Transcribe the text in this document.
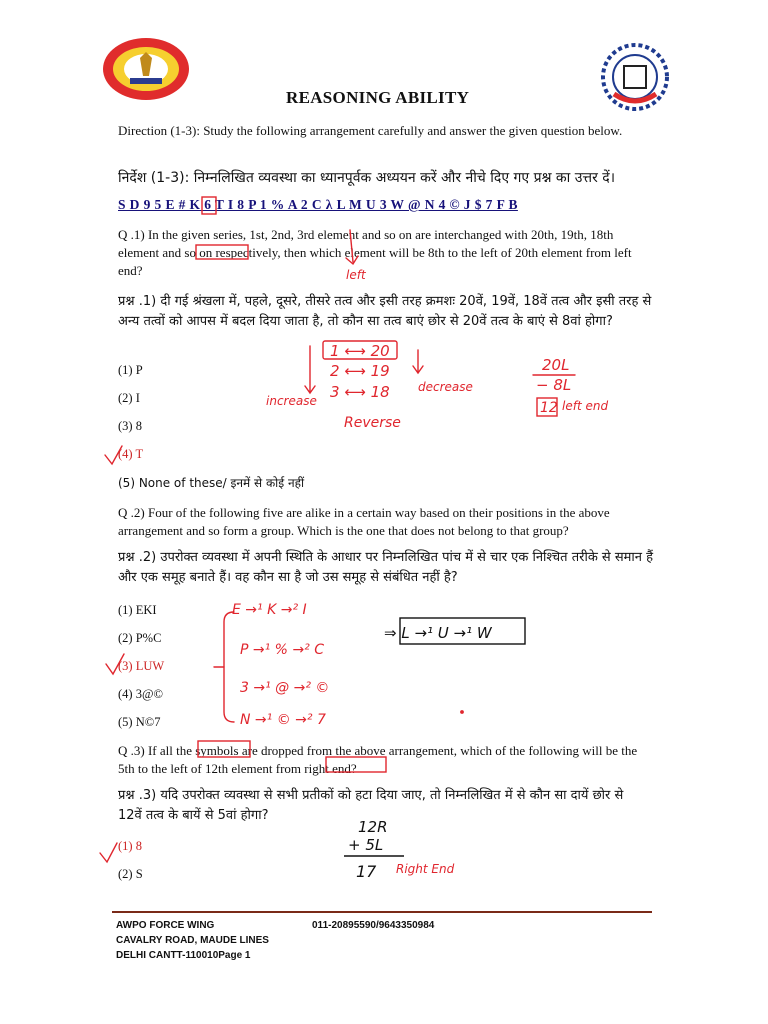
REASONING ABILITY
Direction (1-3): Study the following arrangement carefully and answer the given question below.
निर्देश (1-3): निम्नलिखित व्यवस्था का ध्यानपूर्वक अध्ययन करें और नीचे दिए गए प्रश्न का उत्तर दें।
S D 9 5 E # K 6 T I 8 P 1 % A 2 C λ L M U 3 W @ N 4 © J $ 7 F B
Q .1) In the given series, 1st, 2nd, 3rd element and so on are interchanged with 20th, 19th, 18th element and so on respectively, then which element will be 8th to the left of 20th element from left end?
प्रश्न .1) दी गई श्रंखला में, पहले, दूसरे, तीसरे तत्व और इसी तरह क्रमशः 20वें, 19वें, 18वें तत्व और इसी तरह से अन्य तत्वों को आपस में बदल दिया जाता है, तो कौन सा तत्व बाएं छोर से 20वें तत्व के बाएं से 8वां होगा?
(1) P
(2) I
(3) 8
(4) T
(5) None of these/ इनमें से कोई नहीं
Q .2) Four of the following five are alike in a certain way based on their positions in the above arrangement and so form a group. Which is the one that does not belong to that group?
प्रश्न .2) उपरोक्त व्यवस्था में अपनी स्थिति के आधार पर निम्नलिखित पांच में से चार एक निश्चित तरीके से समान हैं और एक समूह बनाते हैं। वह कौन सा है जो उस समूह से संबंधित नहीं है?
(1) EKI
(2) P%C
(3) LUW
(4) 3@©
(5) N©7
Q .3) If all the symbols are dropped from the above arrangement, which of the following will be the 5th to the left of 12th element from right end?
प्रश्न .3) यदि उपरोक्त व्यवस्था से सभी प्रतीकों को हटा दिया जाए, तो निम्नलिखित में से कौन सा दायें छोर से 12वें तत्व के बायें से 5वां होगा?
(1) 8
(2) S
left
1 ⟷ 20
2 ⟷ 19
3 ⟷ 18
increase
decrease
Reverse
20L
− 8L
12 left end
E →¹ K →² I
P →¹ % →² C
3 →¹ @ →² ©
N →¹ © →² 7
⇒ L →¹ U →¹ W
12R
+ 5L
17 Right End
AWPO FORCE WING
CAVALRY ROAD, MAUDE LINES
DELHI CANTT-110010Page 1
011-20895590/9643350984
